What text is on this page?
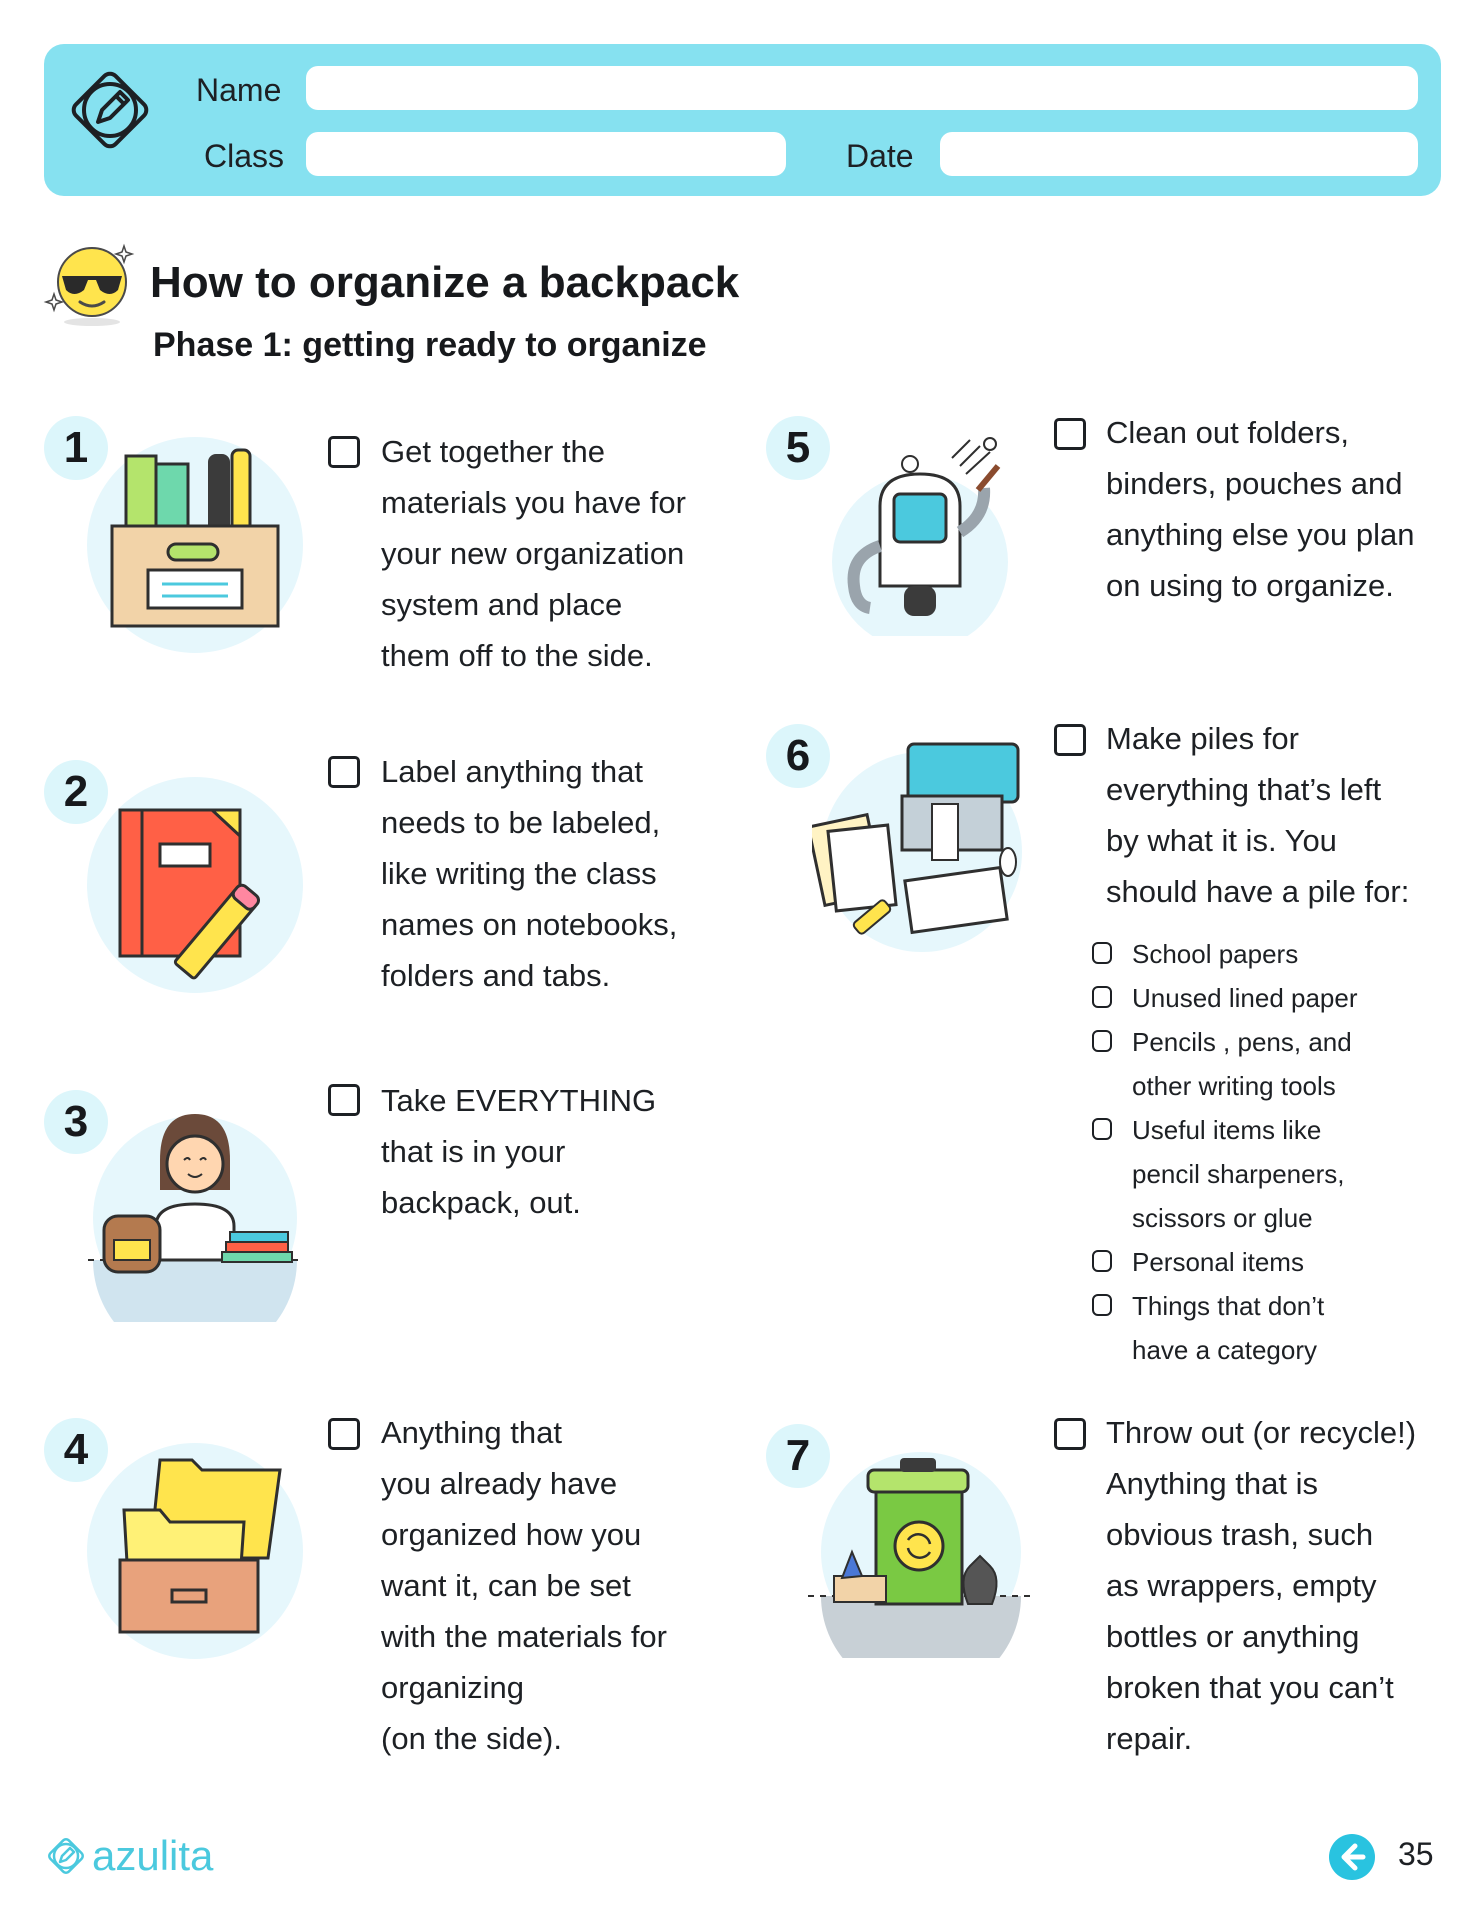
Name
Class	Date
How to organize a backpack
Phase 1: getting ready to organize
1	Get together the
materials you have for
your new organization
system and place
them off to the side.
2	Label anything that
needs to be labeled,
like writing the class
names on notebooks,
folders and tabs.
3	Take EVERYTHING
that is in your
backpack, out.
4	Anything that
you already have
organized how you
want it, can be set
with the materials for
organizing
(on the side).
5	Clean out folders,
binders, pouches and
anything else you plan
on using to organize.
6	Make piles for
everything that’s left
by what it is. You
should have a pile for:
School papers
Unused lined paper
Pencils , pens, and
other writing tools
Useful items like
pencil sharpeners,
scissors or glue
Personal items
Things that don’t
have a category
7	Throw out (or recycle!)
Anything that is
obvious trash, such
as wrappers, empty
bottles or anything
broken that you can’t
repair.
azulita	35
